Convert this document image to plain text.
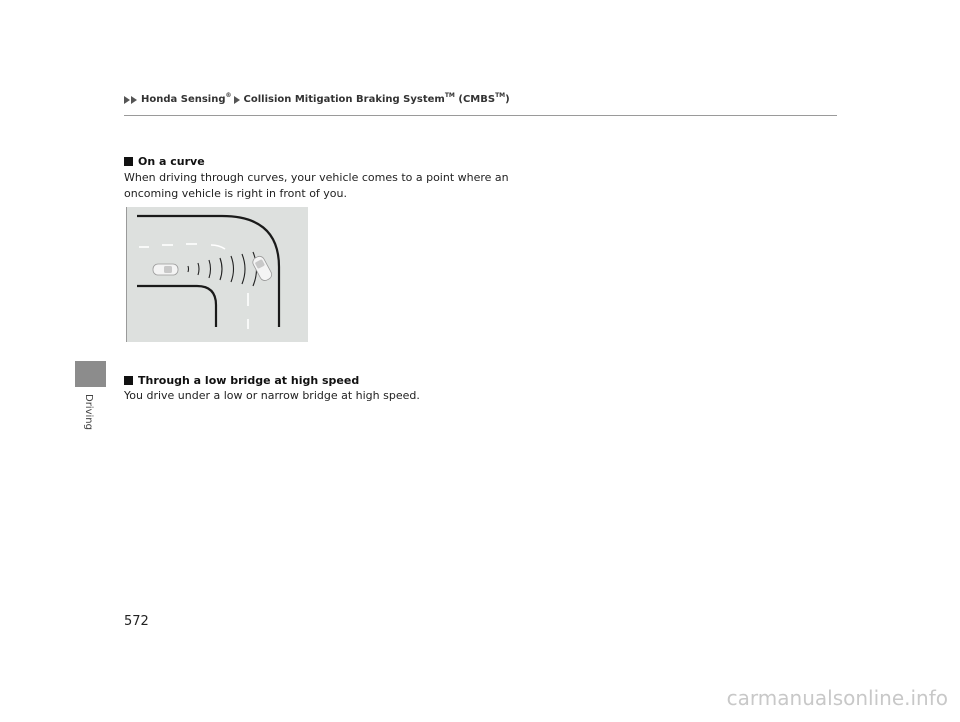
Honda Sensing® Collision Mitigation Braking System™ (CMBS™)
Driving
On a curve
When driving through curves, your vehicle comes to a point where an oncoming vehicle is right in front of you.
Through a low bridge at high speed
You drive under a low or narrow bridge at high speed.
572
carmanualsonline.info
